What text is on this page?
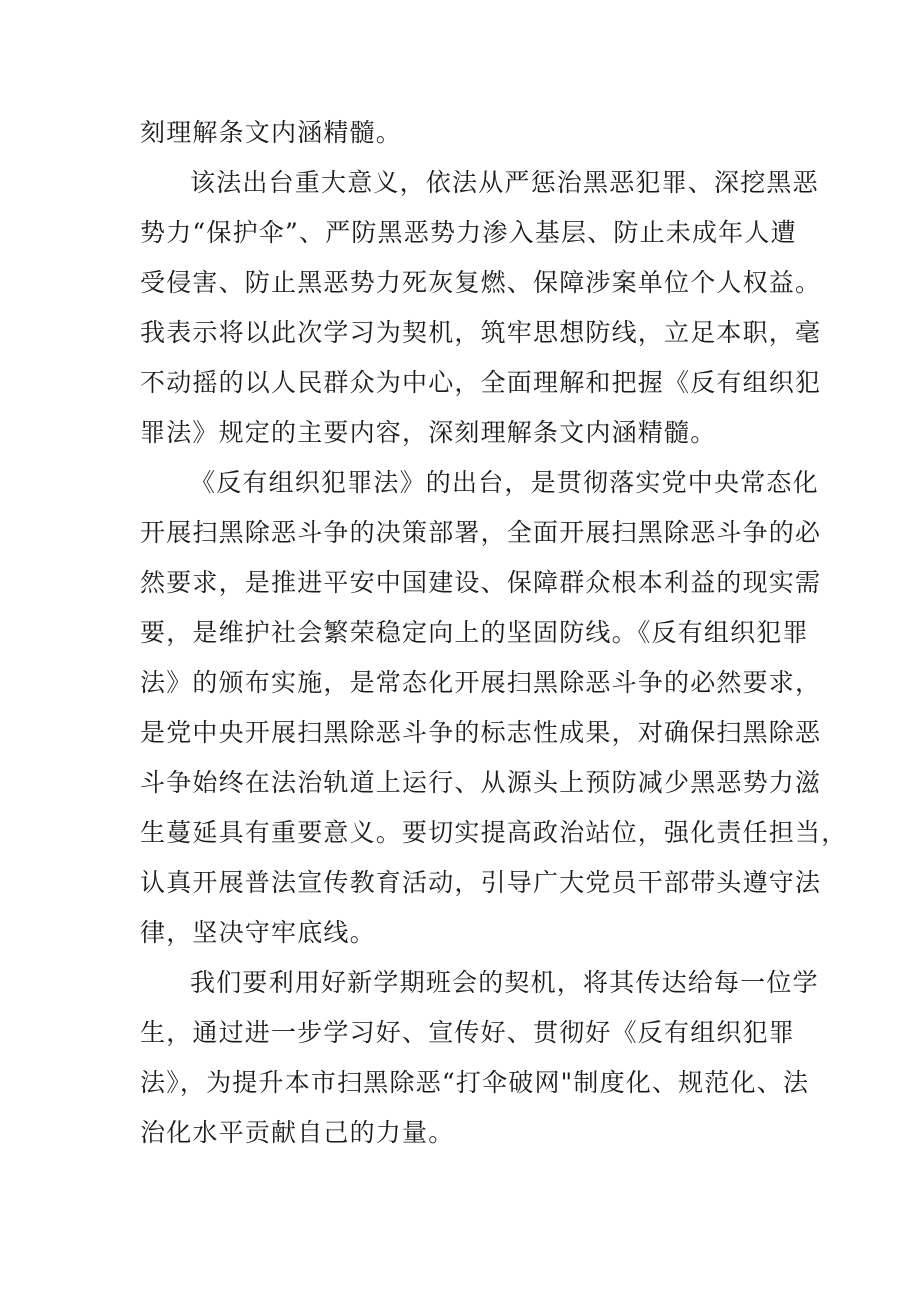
刻理解条文内涵精髓。
该法出台重大意义，依法从严惩治黑恶犯罪、深挖黑恶
势力“保护伞”、严防黑恶势力渗入基层、防止未成年人遭
受侵害、防止黑恶势力死灰复燃、保障涉案单位个人权益。
我表示将以此次学习为契机，筑牢思想防线，立足本职，毫
不动摇的以人民群众为中心，全面理解和把握《反有组织犯
罪法》规定的主要内容，深刻理解条文内涵精髓。
《反有组织犯罪法》的出台，是贯彻落实党中央常态化
开展扫黑除恶斗争的决策部署，全面开展扫黑除恶斗争的必
然要求，是推进平安中国建设、保障群众根本利益的现实需
要，是维护社会繁荣稳定向上的坚固防线。《反有组织犯罪
法》的颁布实施，是常态化开展扫黑除恶斗争的必然要求，
是党中央开展扫黑除恶斗争的标志性成果，对确保扫黑除恶
斗争始终在法治轨道上运行、从源头上预防减少黑恶势力滋
生蔓延具有重要意义。要切实提高政治站位，强化责任担当，
认真开展普法宣传教育活动，引导广大党员干部带头遵守法
律，坚决守牢底线。
我们要利用好新学期班会的契机，将其传达给每一位学
生，通过进一步学习好、宣传好、贯彻好《反有组织犯罪
法》，为提升本市扫黑除恶“打伞破网"制度化、规范化、法
治化水平贡献自己的力量。
